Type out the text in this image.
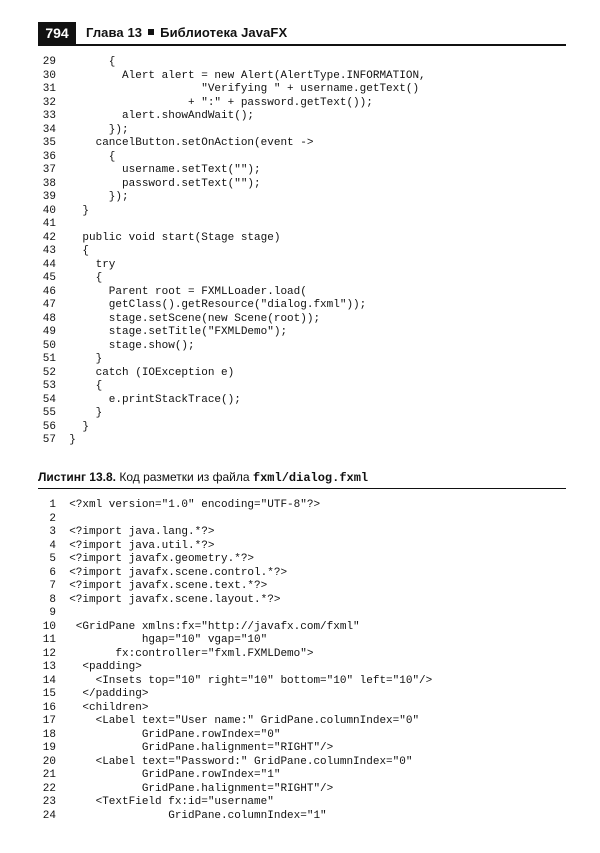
794	Глава 13 Библиотека JavaFX
29        {
30          Alert alert = new Alert(AlertType.INFORMATION,
31                      "Verifying " + username.getText()
32                    + ":" + password.getText());
33          alert.showAndWait();
34        });
35      cancelButton.setOnAction(event ->
36        {
37          username.setText("");
38          password.setText("");
39        });
40    }
41
42    public void start(Stage stage)
43    {
44      try
45      {
46        Parent root = FXMLLoader.load(
47        getClass().getResource("dialog.fxml"));
48        stage.setScene(new Scene(root));
49        stage.setTitle("FXMLDemo");
50        stage.show();
51      }
52      catch (IOException e)
53      {
54        e.printStackTrace();
55      }
56    }
57 }
Листинг 13.8. Код разметки из файла fxml/dialog.fxml
1 <?xml version="1.0" encoding="UTF-8"?>
2
3 <?import java.lang.*?>
4 <?import java.util.*?>
5 <?import javafx.geometry.*?>
6 <?import javafx.scene.control.*?>
7 <?import javafx.scene.text.*?>
8 <?import javafx.scene.layout.*?>
9
10   <GridPane xmlns:fx="http://javafx.com/fxml"
11             hgap="10" vgap="10"
12         fx:controller="fxml.FXMLDemo">
13    <padding>
14      <Insets top="10" right="10" bottom="10" left="10"/>
15    </padding>
16    <children>
17      <Label text="User name:" GridPane.columnIndex="0"
18             GridPane.rowIndex="0"
19             GridPane.halignment="RIGHT"/>
20      <Label text="Password:" GridPane.columnIndex="0"
21             GridPane.rowIndex="1"
22             GridPane.halignment="RIGHT"/>
23      <TextField fx:id="username"
24                 GridPane.columnIndex="1"
